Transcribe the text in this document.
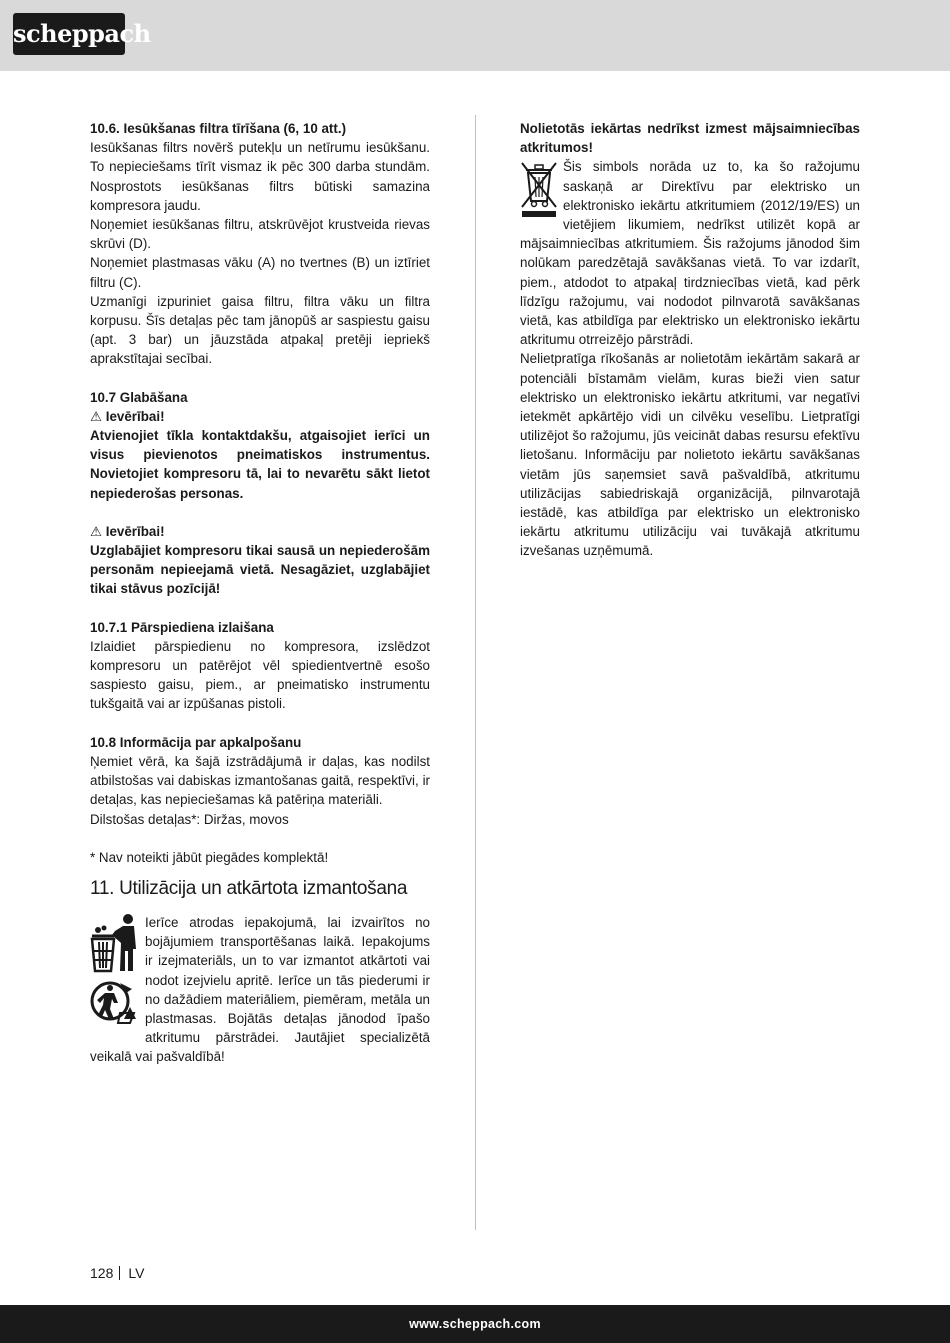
scheppach

10.6. Iesūkšanas filtra tīrīšana (6, 10 att.)

Iesūkšanas filtrs novērš putekļu un netīrumu iesūkšanu. To nepieciešams tīrīt vismaz ik pēc 300 darba stundām. Nosprostots iesūkšanas filtrs būtiski samazina kompresora jaudu.

Noņemiet iesūkšanas filtru, atskrūvējot krustveida rievas skrūvi (D).

Noņemiet plastmasas vāku (A) no tvertnes (B) un iztīriet filtru (C).

Uzmanīgi izpuriniet gaisa filtru, filtra vāku un filtra korpusu. Šīs detaļas pēc tam jānopūš ar saspiestu gaisu (apt. 3 bar) un jāuzstāda atpakaļ pretēji iepriekš aprakstītajai secībai.

10.7 Glabāšana

⚠ Ievērībai!

Atvienojiet tīkla kontaktdakšu, atgaisojiet ierīci un visus pievienotos pneimatiskos instrumentus. Novietojiet kompresoru tā, lai to nevarētu sākt lietot nepiederošas personas.

⚠ Ievērībai!

Uzglabājiet kompresoru tikai sausā un nepiederošām personām nepieejamā vietā. Nesagāziet, uzglabājiet tikai stāvus pozīcijā!

10.7.1 Pārspiediena izlaišana

Izlaidiet pārspiedienu no kompresora, izslēdzot kompresoru un patērējot vēl spiedientvertnē esošo saspiesto gaisu, piem., ar pneimatisko instrumentu tukšgaitā vai ar izpūšanas pistoli.

10.8 Informācija par apkalpošanu

Ņemiet vērā, ka šajā izstrādājumā ir daļas, kas nodilst atbilstošas vai dabiskas izmantošanas gaitā, respektīvi, ir detaļas, kas nepieciešamas kā patēriņa materiāli.

Dilstošas detaļas*: Diržas, movos

* Nav noteikti jābūt piegādes komplektā!

11. Utilizācija un atkārtota izmantošana

Ierīce atrodas iepakojumā, lai izvairītos no bojājumiem transportēšanas laikā. Iepakojums ir izejmateriāls, un to var izmantot atkārtoti vai nodot izejvielu apritē. Ierīce un tās piederumi ir no dažādiem materiāliem, piemēram, metāla un plastmasas. Bojātās detaļas jānodod īpašo atkritumu pārstrādei. Jautājiet specializētā veikalā vai pašvaldībā!

Nolietotās iekārtas nedrīkst izmest mājsaimniecības atkritumos!

Šis simbols norāda uz to, ka šo ražojumu saskaņā ar Direktīvu par elektrisko un elektronisko iekārtu atkritumiem (2012/19/ES) un vietējiem likumiem, nedrīkst utilizēt kopā ar mājsaimniecības atkritumiem. Šis ražojums jānodod šim nolūkam paredzētajā savākšanas vietā. To var izdarīt, piem., atdodot to atpakaļ tirdzniecības vietā, kad pērk līdzīgu ražojumu, vai nododot pilnvarotā savākšanas vietā, kas atbildīga par elektrisko un elektronisko iekārtu atkritumu otrreizējo pārstrādi.

Nelietpratīga rīkošanās ar nolietotām iekārtām sakarā ar potenciāli bīstamām vielām, kuras bieži vien satur elektrisko un elektronisko iekārtu atkritumi, var negatīvi ietekmēt apkārtējo vidi un cilvēku veselību. Lietpratīgi utilizējot šo ražojumu, jūs veicināt dabas resursu efektīvu lietošanu. Informāciju par nolietoto iekārtu savākšanas vietām jūs saņemsiet savā pašvaldībā, atkritumu utilizācijas sabiedriskajā organizācijā, pilnvarotajā iestādē, kas atbildīga par elektrisko un elektronisko iekārtu atkritumu utilizāciju vai tuvākajā atkritumu izvešanas uzņēmumā.

128 LV
www.scheppach.com
